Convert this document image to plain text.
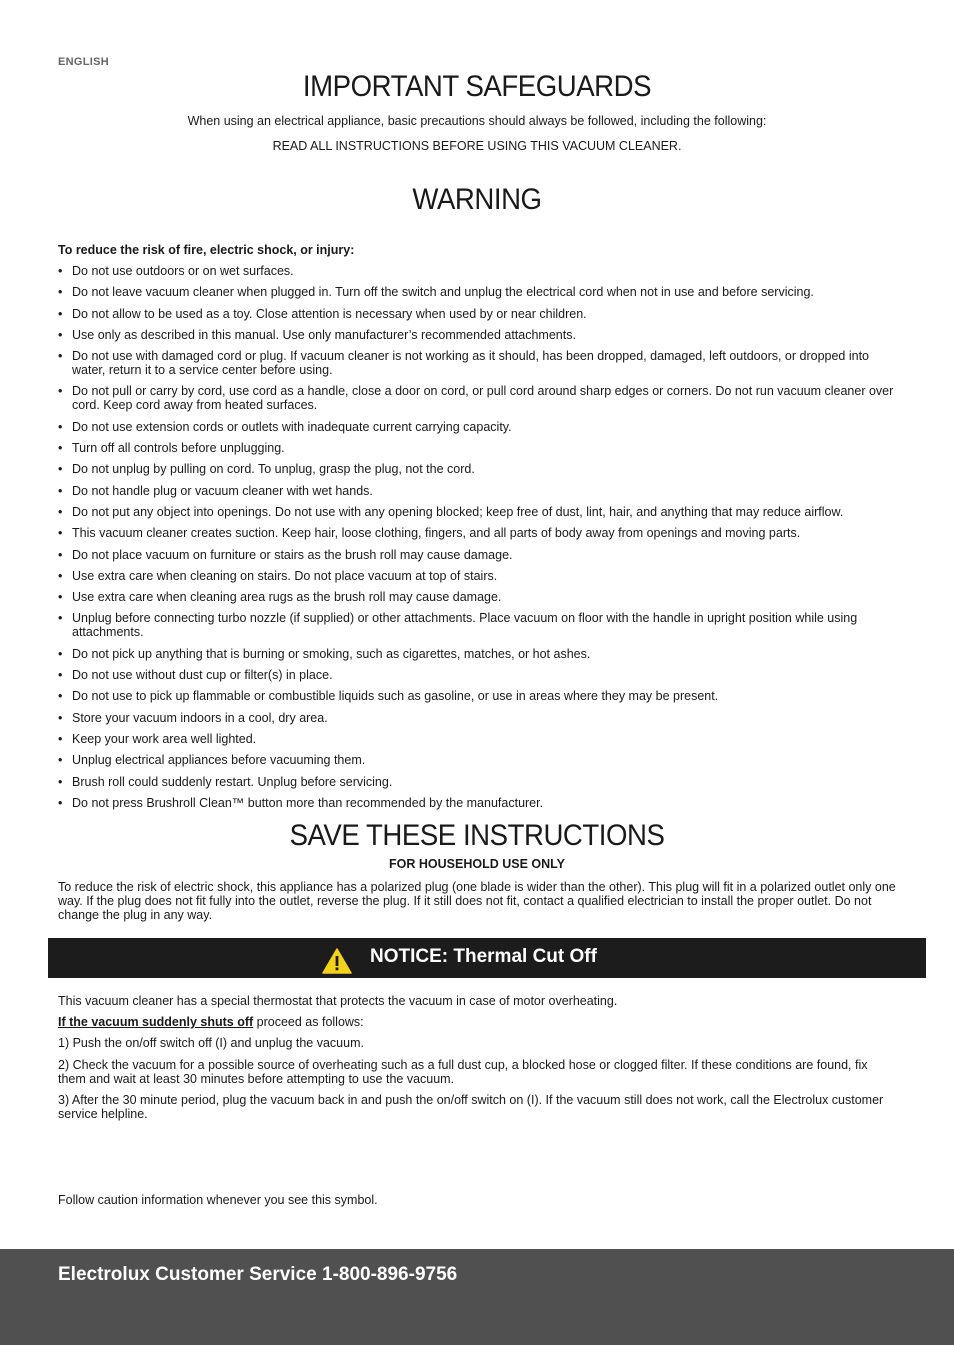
ENGLISH
IMPORTANT SAFEGUARDS
When using an electrical appliance, basic precautions should always be followed, including the following:
READ ALL INSTRUCTIONS BEFORE USING THIS VACUUM CLEANER.
WARNING
To reduce the risk of fire, electric shock, or injury:
• Do not use outdoors or on wet surfaces.
• Do not leave vacuum cleaner when plugged in. Turn off the switch and unplug the electrical cord when not in use and before servicing.
• Do not allow to be used as a toy. Close attention is necessary when used by or near children.
• Use only as described in this manual. Use only manufacturer’s recommended attachments.
• Do not use with damaged cord or plug. If vacuum cleaner is not working as it should, has been dropped, damaged, left outdoors, or dropped into water, return it to a service center before using.
• Do not pull or carry by cord, use cord as a handle, close a door on cord, or pull cord around sharp edges or corners. Do not run vacuum cleaner over cord. Keep cord away from heated surfaces.
• Do not use extension cords or outlets with inadequate current carrying capacity.
• Turn off all controls before unplugging.
• Do not unplug by pulling on cord. To unplug, grasp the plug, not the cord.
• Do not handle plug or vacuum cleaner with wet hands.
• Do not put any object into openings. Do not use with any opening blocked; keep free of dust, lint, hair, and anything that may reduce airflow.
• This vacuum cleaner creates suction. Keep hair, loose clothing, fingers, and all parts of body away from openings and moving parts.
• Do not place vacuum on furniture or stairs as the brush roll may cause damage.
• Use extra care when cleaning on stairs. Do not place vacuum at top of stairs.
• Use extra care when cleaning area rugs as the brush roll may cause damage.
• Unplug before connecting turbo nozzle (if supplied) or other attachments. Place vacuum on floor with the handle in upright position while using attachments.
• Do not pick up anything that is burning or smoking, such as cigarettes, matches, or hot ashes.
• Do not use without dust cup or filter(s) in place.
• Do not use to pick up flammable or combustible liquids such as gasoline, or use in areas where they may be present.
• Store your vacuum indoors in a cool, dry area.
• Keep your work area well lighted.
• Unplug electrical appliances before vacuuming them.
• Brush roll could suddenly restart. Unplug before servicing.
• Do not press Brushroll Clean™ button more than recommended by the manufacturer.
SAVE THESE INSTRUCTIONS
FOR HOUSEHOLD USE ONLY
To reduce the risk of electric shock, this appliance has a polarized plug (one blade is wider than the other). This plug will fit in a polarized outlet only one way. If the plug does not fit fully into the outlet, reverse the plug. If it still does not fit, contact a qualified electrician to install the proper outlet. Do not change the plug in any way.
NOTICE: Thermal Cut Off
This vacuum cleaner has a special thermostat that protects the vacuum in case of motor overheating.
If the vacuum suddenly shuts off proceed as follows:
1) Push the on/off switch off (I) and unplug the vacuum.
2) Check the vacuum for a possible source of overheating such as a full dust cup, a blocked hose or clogged filter. If these conditions are found, fix them and wait at least 30 minutes before attempting to use the vacuum.
3) After the 30 minute period, plug the vacuum back in and push the on/off switch on (I). If the vacuum still does not work, call the Electrolux customer service helpline.
Follow caution information whenever you see this symbol.
Electrolux Customer Service 1-800-896-9756
